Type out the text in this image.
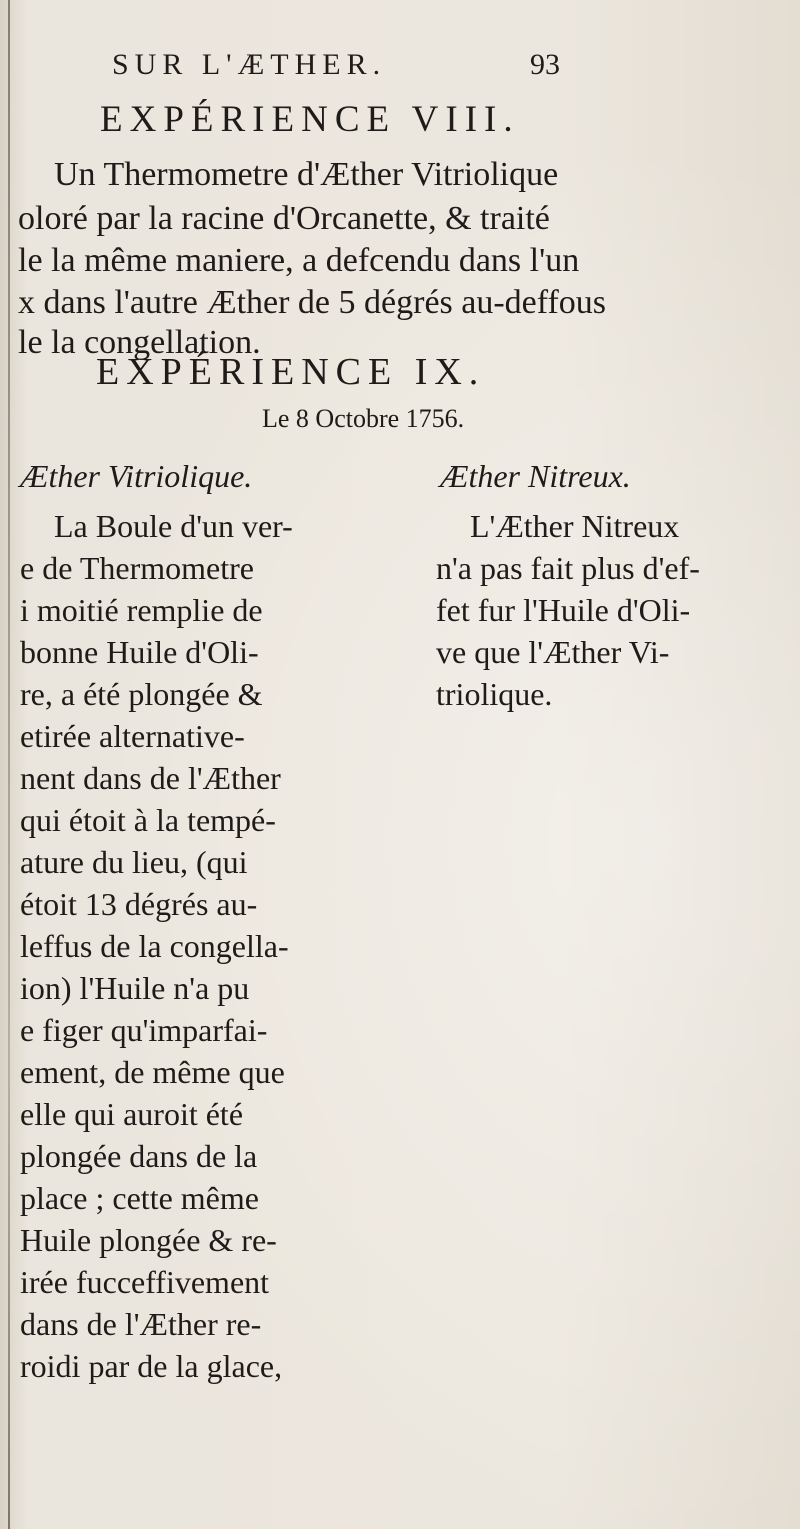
SUR L'ÆTHER.	93
EXPÉRIENCE VIII.
Un Thermometre d'Æther Vitriolique
oloré par la racine d'Orcanette, & traité
le la même maniere, a defcendu dans l'un
x dans l'autre Æther de 5 dégrés au-deffous
le la congellation.
EXPÉRIENCE IX.
Le 8 Octobre 1756.
Æther Vitriolique.	Æther Nitreux.
La Boule d'un ver-
e de Thermometre
i moitié remplie de
bonne Huile d'Oli-
re, a été plongée &
etirée alternative-
nent dans de l'Æther
qui étoit à la tempé-
ature du lieu, (qui
étoit 13 dégrés au-
leffus de la congella-
ion) l'Huile n'a pu
e figer qu'imparfai-
ement, de même que
elle qui auroit été
plongée dans de la
place ; cette même
Huile plongée & re-
irée fucceffivement
dans de l'Æther re-
roidi par de la glace,
L'Æther Nitreux
n'a pas fait plus d'ef-
fet fur l'Huile d'Oli-
ve que l'Æther Vi-
triolique.
